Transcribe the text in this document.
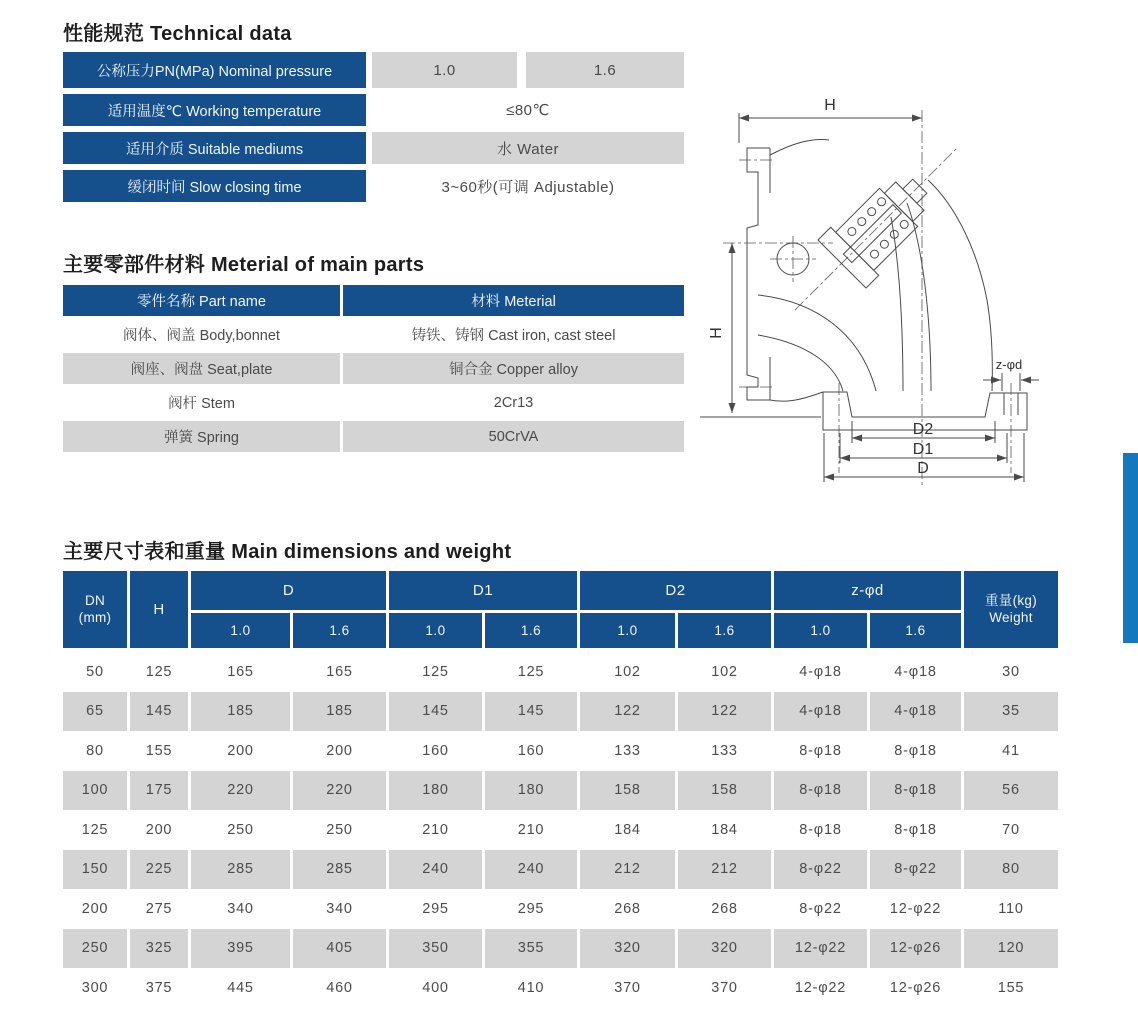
性能规范 Technical data
公称压力PN(MPa) Nominal pressure	1.0	1.6
适用温度℃ Working temperature	≤80℃
适用介质 Suitable mediums	水 Water
缓闭时间 Slow closing time	3~60秒(可调 Adjustable)
主要零部件材料 Meterial of main parts
零件名称 Part name	材料 Meterial
阀体、阀盖 Body,bonnet	铸铁、铸钢 Cast iron, cast steel
阀座、阀盘 Seat,plate	铜合金 Copper alloy
阀杆 Stem	2Cr13
弹簧 Spring	50CrVA
H
H
D2
D1
D
z-φd
主要尺寸表和重量 Main dimensions and weight
DN
(mm)	H
D	D1	D2	z-φd
重量(kg)
Weight
1.0	1.6	1.0	1.6	1.0	1.6	1.0	1.6
50	125	165	165	125	125	102	102	4-φ18	4-φ18	30
65	145	185	185	145	145	122	122	4-φ18	4-φ18	35
80	155	200	200	160	160	133	133	8-φ18	8-φ18	41
100	175	220	220	180	180	158	158	8-φ18	8-φ18	56
125	200	250	250	210	210	184	184	8-φ18	8-φ18	70
150	225	285	285	240	240	212	212	8-φ22	8-φ22	80
200	275	340	340	295	295	268	268	8-φ22	12-φ22	110
250	325	395	405	350	355	320	320	12-φ22	12-φ26	120
300	375	445	460	400	410	370	370	12-φ22	12-φ26	155
